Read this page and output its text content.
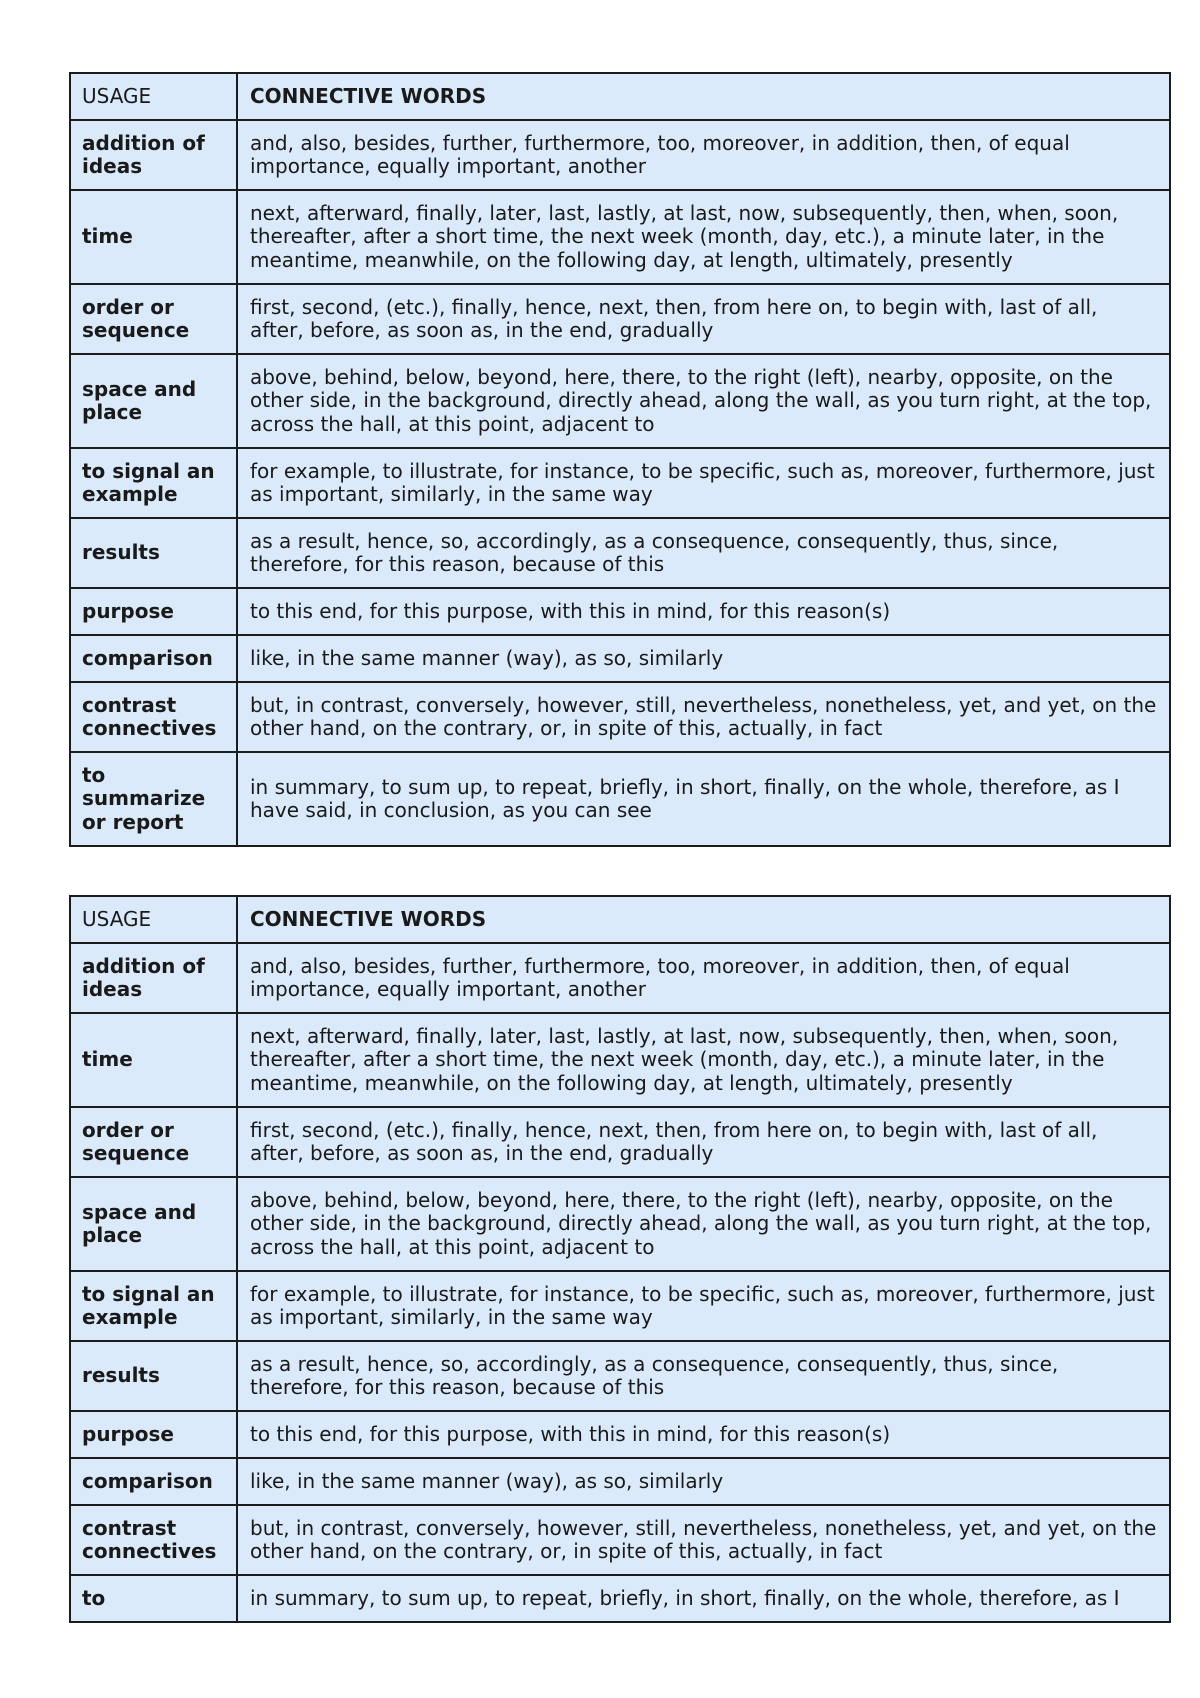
USAGE	CONNECTIVE WORDS
addition of ideas	and, also, besides, further, furthermore, too, moreover, in addition, then, of equal importance, equally important, another
time	next, afterward, finally, later, last, lastly, at last, now, subsequently, then, when, soon, thereafter, after a short time, the next week (month, day, etc.), a minute later, in the meantime, meanwhile, on the following day, at length, ultimately, presently
order or sequence	first, second, (etc.), finally, hence, next, then, from here on, to begin with, last of all, after, before, as soon as, in the end, gradually
space and place	above, behind, below, beyond, here, there, to the right (left), nearby, opposite, on the other side, in the background, directly ahead, along the wall, as you turn right, at the top, across the hall, at this point, adjacent to
to signal an example	for example, to illustrate, for instance, to be specific, such as, moreover, furthermore, just as important, similarly, in the same way
results	as a result, hence, so, accordingly, as a consequence, consequently, thus, since, therefore, for this reason, because of this
purpose	to this end, for this purpose, with this in mind, for this reason(s)
comparison	like, in the same manner (way), as so, similarly
contrast connectives	but, in contrast, conversely, however, still, nevertheless, nonetheless, yet, and yet, on the other hand, on the contrary, or, in spite of this, actually, in fact
to summarize or report	in summary, to sum up, to repeat, briefly, in short, finally, on the whole, therefore, as I have said, in conclusion, as you can see
USAGE	CONNECTIVE WORDS
addition of ideas	and, also, besides, further, furthermore, too, moreover, in addition, then, of equal importance, equally important, another
time	next, afterward, finally, later, last, lastly, at last, now, subsequently, then, when, soon, thereafter, after a short time, the next week (month, day, etc.), a minute later, in the meantime, meanwhile, on the following day, at length, ultimately, presently
order or sequence	first, second, (etc.), finally, hence, next, then, from here on, to begin with, last of all, after, before, as soon as, in the end, gradually
space and place	above, behind, below, beyond, here, there, to the right (left), nearby, opposite, on the other side, in the background, directly ahead, along the wall, as you turn right, at the top, across the hall, at this point, adjacent to
to signal an example	for example, to illustrate, for instance, to be specific, such as, moreover, furthermore, just as important, similarly, in the same way
results	as a result, hence, so, accordingly, as a consequence, consequently, thus, since, therefore, for this reason, because of this
purpose	to this end, for this purpose, with this in mind, for this reason(s)
comparison	like, in the same manner (way), as so, similarly
contrast connectives	but, in contrast, conversely, however, still, nevertheless, nonetheless, yet, and yet, on the other hand, on the contrary, or, in spite of this, actually, in fact
to	in summary, to sum up, to repeat, briefly, in short, finally, on the whole, therefore, as I
